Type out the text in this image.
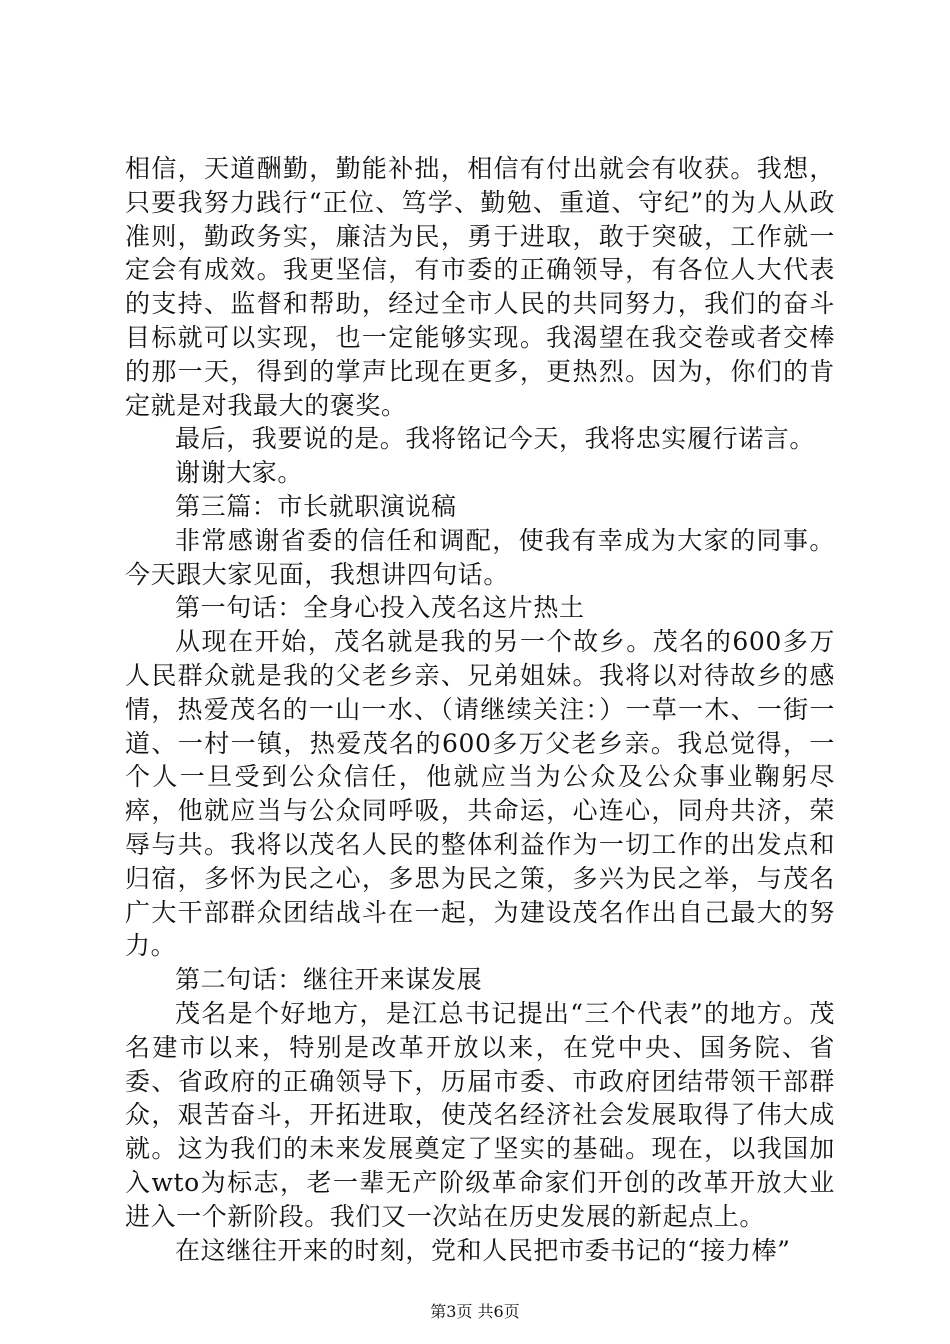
相信，天道酬勤，勤能补拙，相信有付出就会有收获。我想，只要我努力践行“正位、笃学、勤勉、重道、守纪”的为人从政准则，勤政务实，廉洁为民，勇于进取，敢于突破，工作就一定会有成效。我更坚信，有市委的正确领导，有各位人大代表的支持、监督和帮助，经过全市人民的共同努力，我们的奋斗目标就可以实现，也一定能够实现。我渴望在我交卷或者交棒的那一天，得到的掌声比现在更多，更热烈。因为，你们的肯定就是对我最大的褒奖。

最后，我要说的是。我将铭记今天，我将忠实履行诺言。

谢谢大家。

第三篇：市长就职演说稿

非常感谢省委的信任和调配，使我有幸成为大家的同事。今天跟大家见面，我想讲四句话。

第一句话：全身心投入茂名这片热土

从现在开始，茂名就是我的另一个故乡。茂名的600多万人民群众就是我的父老乡亲、兄弟姐妹。我将以对待故乡的感情，热爱茂名的一山一水、（请继续关注：）一草一木、一街一道、一村一镇，热爱茂名的600多万父老乡亲。我总觉得，一个人一旦受到公众信任，他就应当为公众及公众事业鞠躬尽瘁，他就应当与公众同呼吸，共命运，心连心，同舟共济，荣辱与共。我将以茂名人民的整体利益作为一切工作的出发点和归宿，多怀为民之心，多思为民之策，多兴为民之举，与茂名广大干部群众团结战斗在一起，为建设茂名作出自己最大的努力。

第二句话：继往开来谋发展

茂名是个好地方，是江总书记提出“三个代表”的地方。茂名建市以来，特别是改革开放以来，在党中央、国务院、省委、省政府的正确领导下，历届市委、市政府团结带领干部群众，艰苦奋斗，开拓进取，使茂名经济社会发展取得了伟大成就。这为我们的未来发展奠定了坚实的基础。现在，以我国加入wto为标志，老一辈无产阶级革命家们开创的改革开放大业进入一个新阶段。我们又一次站在历史发展的新起点上。

在这继往开来的时刻，党和人民把市委书记的“接力棒”

第3页 共6页
